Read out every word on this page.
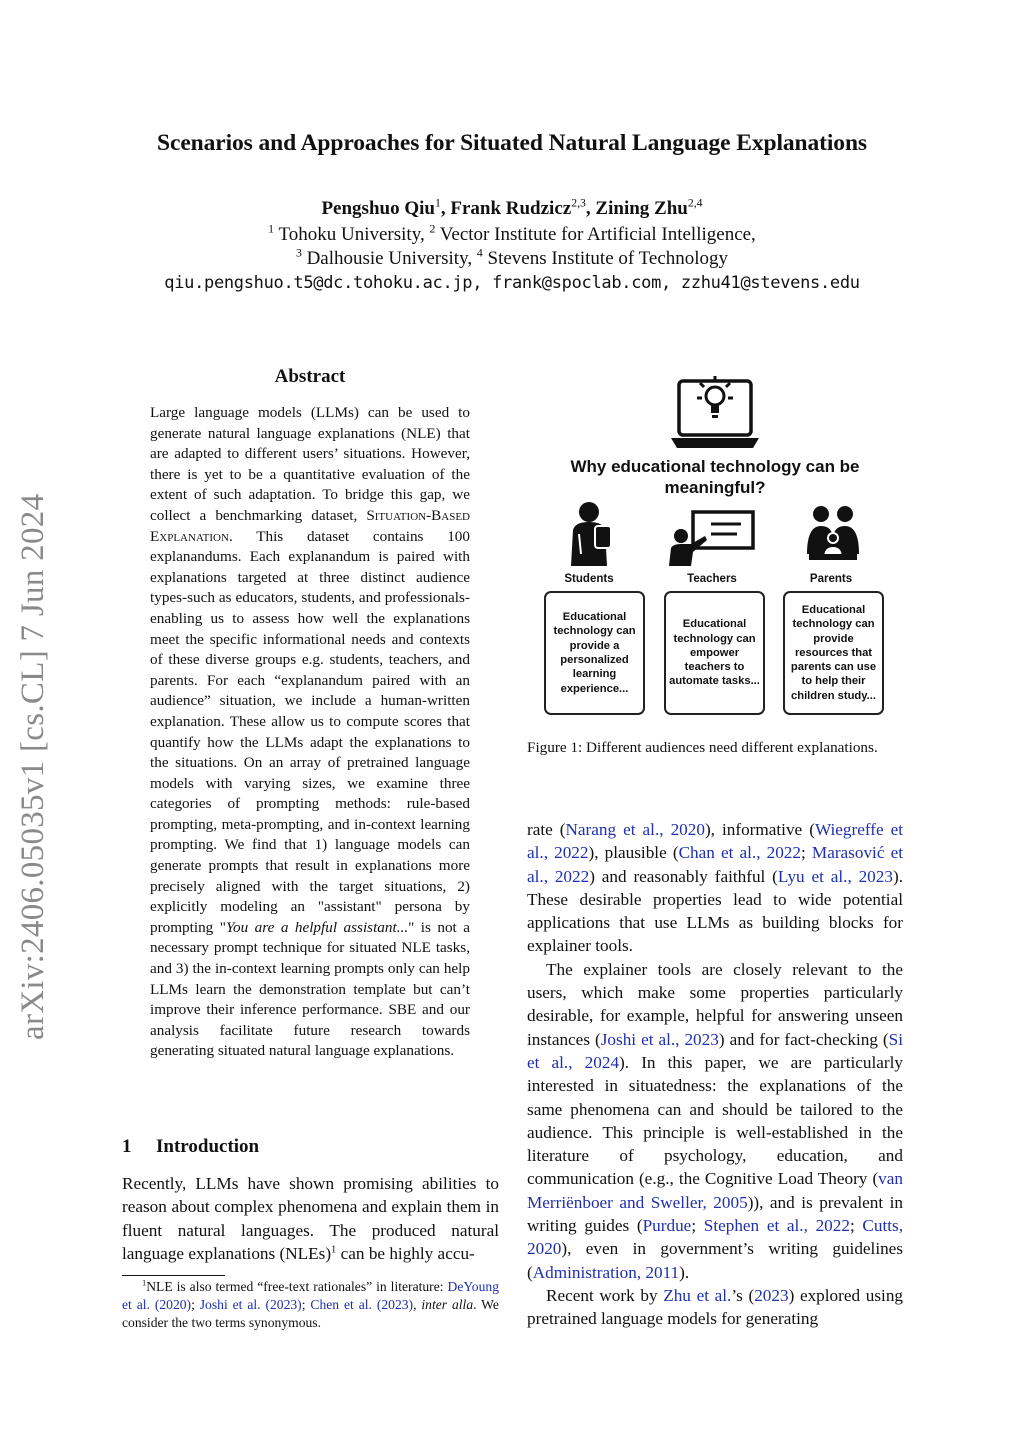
arXiv:2406.05035v1 [cs.CL] 7 Jun 2024
Scenarios and Approaches for Situated Natural Language Explanations
Pengshuo Qiu$^1$, Frank Rudzicz$^{2,3}$, Zining Zhu$^{2,4}$
$^1$ Tohoku University, $^2$ Vector Institute for Artificial Intelligence,
$^3$ Dalhousie University, $^4$ Stevens Institute of Technology
qiu.pengshuo.t5@dc.tohoku.ac.jp, frank@spoclab.com, zzhu41@stevens.edu
Abstract

Large language models (LLMs) can be used to generate natural language explanations (NLE) that are adapted to different users’ situations. However, there is yet to be a quantitative evaluation of the extent of such adaptation. To bridge this gap, we collect a benchmarking dataset, Situation-Based Explanation. This dataset contains 100 explanandums. Each explanandum is paired with explanations targeted at three distinct audience types-such as educators, students, and professionals-enabling us to assess how well the explanations meet the specific informational needs and contexts of these diverse groups e.g. students, teachers, and parents. For each “explanandum paired with an audience” situation, we include a human-written explanation. These allow us to compute scores that quantify how the LLMs adapt the explanations to the situations. On an array of pretrained language models with varying sizes, we examine three categories of prompting methods: rule-based prompting, meta-prompting, and in-context learning prompting. We find that 1) language models can generate prompts that result in explanations more precisely aligned with the target situations, 2) explicitly modeling an "assistant" persona by prompting "You are a helpful assistant..." is not a necessary prompt technique for situated NLE tasks, and 3) the in-context learning prompts only can help LLMs learn the demonstration template but can’t improve their inference performance. SBE and our analysis facilitate future research towards generating situated natural language explanations.

1 Introduction

Recently, LLMs have shown promising abilities to reason about complex phenomena and explain them in fluent natural languages. The produced natural language explanations (NLEs)$^1$ can be highly accu-

$^1$NLE is also termed “free-text rationales” in literature: DeYoung et al. (2020); Joshi et al. (2023); Chen et al. (2023), inter alla. We consider the two terms synonymous.

Why educational technology can be meaningful?
Students	Teachers	Parents
Educational technology can provide a personalized learning experience...
Educational technology can empower teachers to automate tasks...
Educational technology can provide resources that parents can use to help their children study...
Figure 1: Different audiences need different explanations.

rate (Narang et al., 2020), informative (Wiegreffe et al., 2022), plausible (Chan et al., 2022; Marasović et al., 2022) and reasonably faithful (Lyu et al., 2023). These desirable properties lead to wide potential applications that use LLMs as building blocks for explainer tools.

The explainer tools are closely relevant to the users, which make some properties particularly desirable, for example, helpful for answering unseen instances (Joshi et al., 2023) and for fact-checking (Si et al., 2024). In this paper, we are particularly interested in situatedness: the explanations of the same phenomena can and should be tailored to the audience. This principle is well-established in the literature of psychology, education, and communication (e.g., the Cognitive Load Theory (van Merriënboer and Sweller, 2005)), and is prevalent in writing guides (Purdue; Stephen et al., 2022; Cutts, 2020), even in government’s writing guidelines (Administration, 2011).

Recent work by Zhu et al.’s (2023) explored using pretrained language models for generating
